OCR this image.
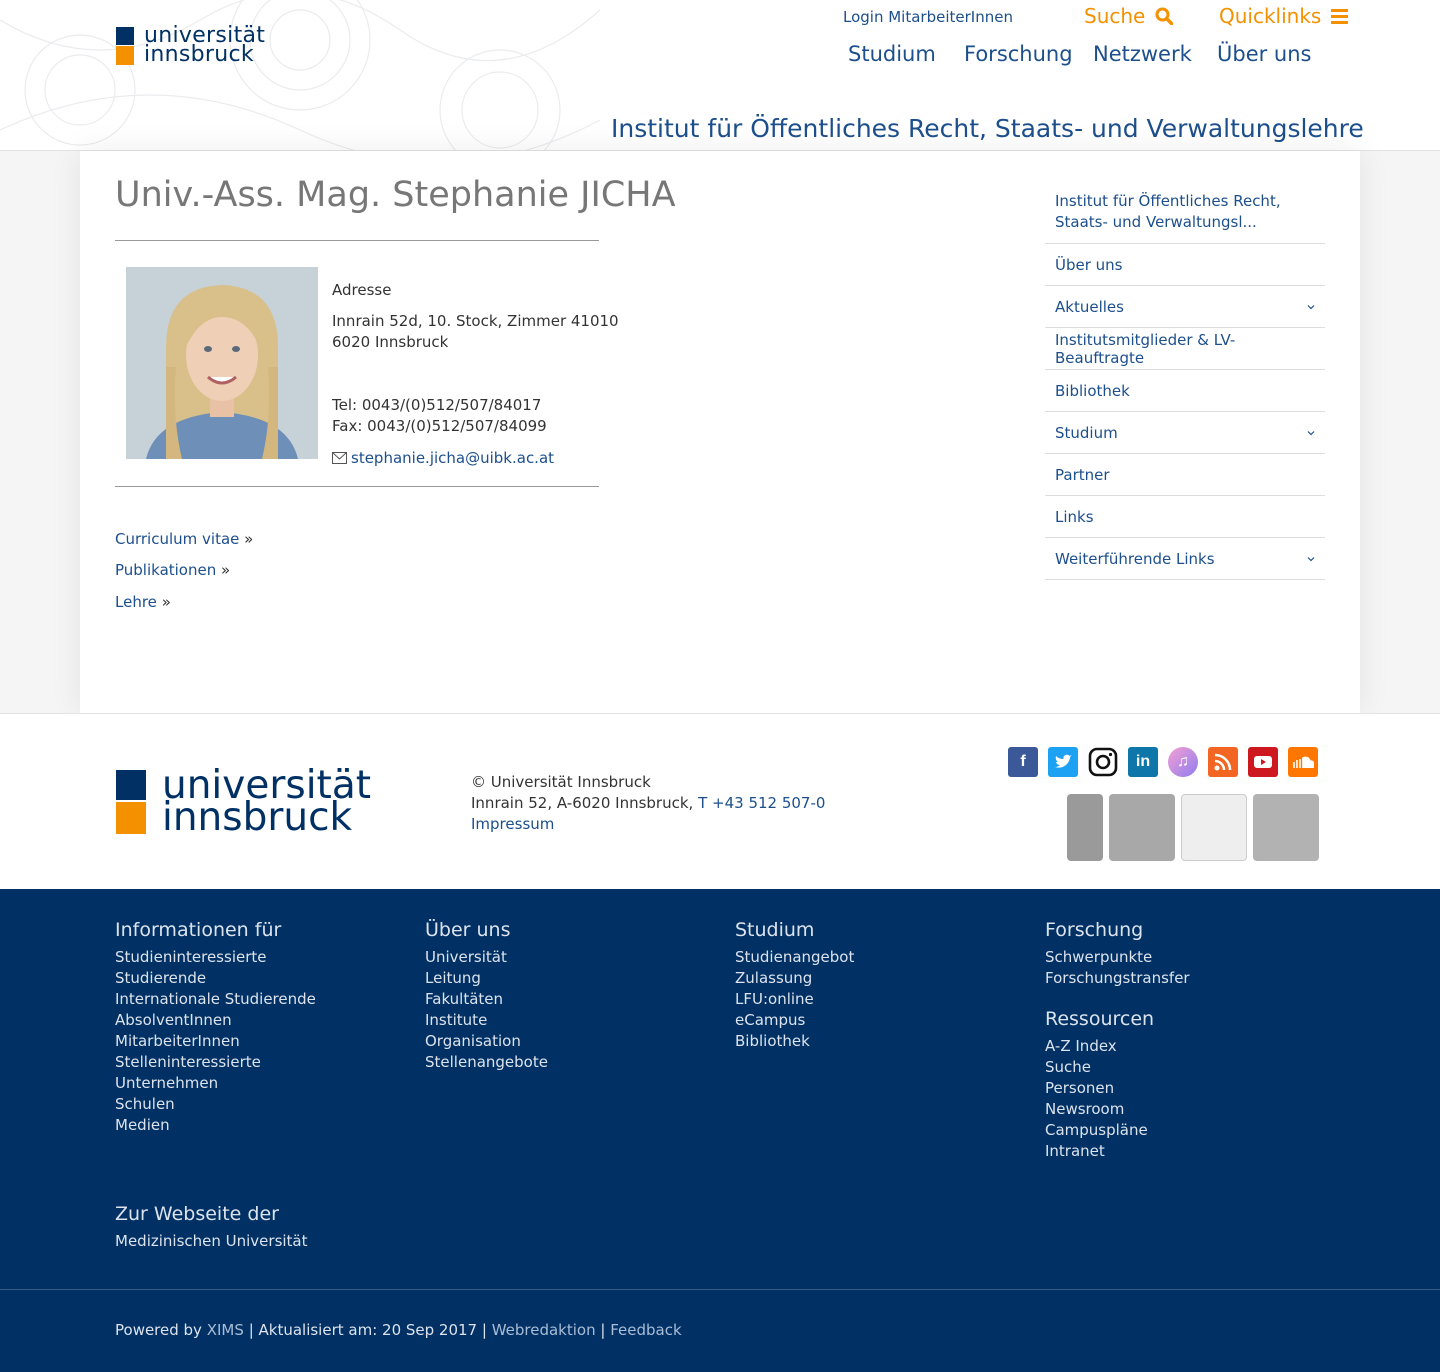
universität
innsbruck
Login MitarbeiterInnen	Suche	Quicklinks
Studium Forschung Netzwerk Über uns
Institut für Öffentliches Recht, Staats- und Verwaltungslehre
Univ.-Ass. Mag. Stephanie JICHA
Adresse
Innrain 52d, 10. Stock, Zimmer 41010
6020 Innsbruck
Tel: 0043/(0)512/507/84017
Fax: 0043/(0)512/507/84099
stephanie.jicha@uibk.ac.at
Curriculum vitae »
Publikationen »
Lehre »
Institut für Öffentliches Recht, Staats- und Verwaltungsl...
Über uns
Aktuelles
Institutsmitglieder & LV-Beauftragte
Bibliothek
Studium
Partner
Links
Weiterführende Links
universität
innsbruck
© Universität Innsbruck
Innrain 52, A-6020 Innsbruck, T +43 512 507-0
Impressum
f	in	♫
Informationen für
Studieninteressierte
Studierende
Internationale Studierende
AbsolventInnen
MitarbeiterInnen
Stelleninteressierte
Unternehmen
Schulen
Medien
Über uns
Universität
Leitung
Fakultäten
Institute
Organisation
Stellenangebote
Studium
Studienangebot
Zulassung
LFU:online
eCampus
Bibliothek
Forschung
Schwerpunkte
Forschungstransfer
Ressourcen
A-Z Index
Suche
Personen
Newsroom
Campuspläne
Intranet
Zur Webseite der
Medizinischen Universität
Powered by XIMS | Aktualisiert am: 20 Sep 2017 | Webredaktion | Feedback
